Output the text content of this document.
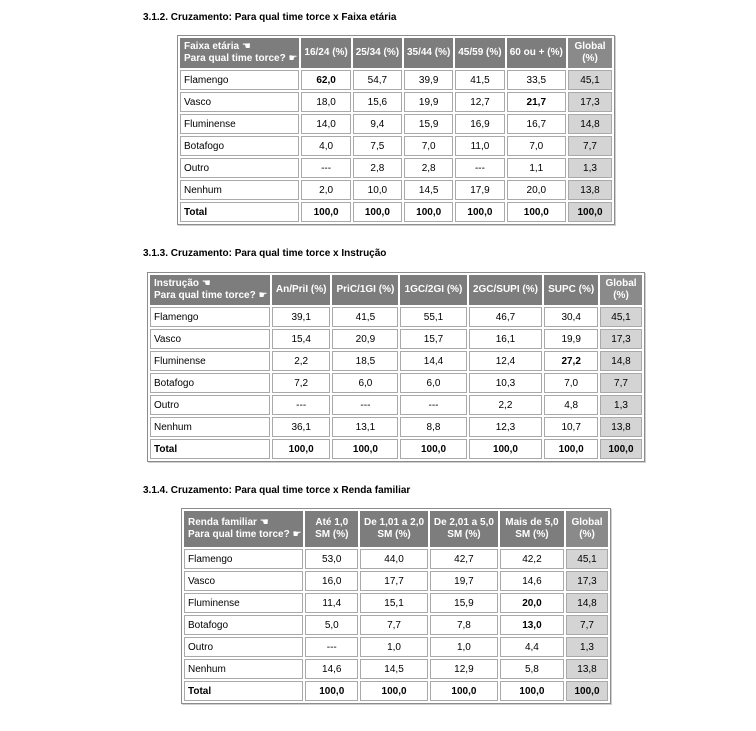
3.1.2. Cruzamento: Para qual time torce x Faixa etária
Faixa etária ☚
Para qual time torce? ☛	16/24 (%)	25/34 (%)	35/44 (%)	45/59 (%)	60 ou + (%)	Global (%)
Flamengo	62,0	54,7	39,9	41,5	33,5	45,1
Vasco	18,0	15,6	19,9	12,7	21,7	17,3
Fluminense	14,0	9,4	15,9	16,9	16,7	14,8
Botafogo	4,0	7,5	7,0	11,0	7,0	7,7
Outro	---	2,8	2,8	---	1,1	1,3
Nenhum	2,0	10,0	14,5	17,9	20,0	13,8
Total	100,0	100,0	100,0	100,0	100,0	100,0
3.1.3. Cruzamento: Para qual time torce x Instrução
Instrução ☚
Para qual time torce? ☛	An/PriI (%)	PriC/1GI (%)	1GC/2GI (%)	2GC/SUPI (%)	SUPC (%)	Global (%)
Flamengo	39,1	41,5	55,1	46,7	30,4	45,1
Vasco	15,4	20,9	15,7	16,1	19,9	17,3
Fluminense	2,2	18,5	14,4	12,4	27,2	14,8
Botafogo	7,2	6,0	6,0	10,3	7,0	7,7
Outro	---	---	---	2,2	4,8	1,3
Nenhum	36,1	13,1	8,8	12,3	10,7	13,8
Total	100,0	100,0	100,0	100,0	100,0	100,0
3.1.4. Cruzamento: Para qual time torce x Renda familiar
Renda familiar ☚
Para qual time torce? ☛	Até 1,0 SM (%)	De 1,01 a 2,0 SM (%)	De 2,01 a 5,0 SM (%)	Mais de 5,0 SM (%)	Global (%)
Flamengo	53,0	44,0	42,7	42,2	45,1
Vasco	16,0	17,7	19,7	14,6	17,3
Fluminense	11,4	15,1	15,9	20,0	14,8
Botafogo	5,0	7,7	7,8	13,0	7,7
Outro	---	1,0	1,0	4,4	1,3
Nenhum	14,6	14,5	12,9	5,8	13,8
Total	100,0	100,0	100,0	100,0	100,0
